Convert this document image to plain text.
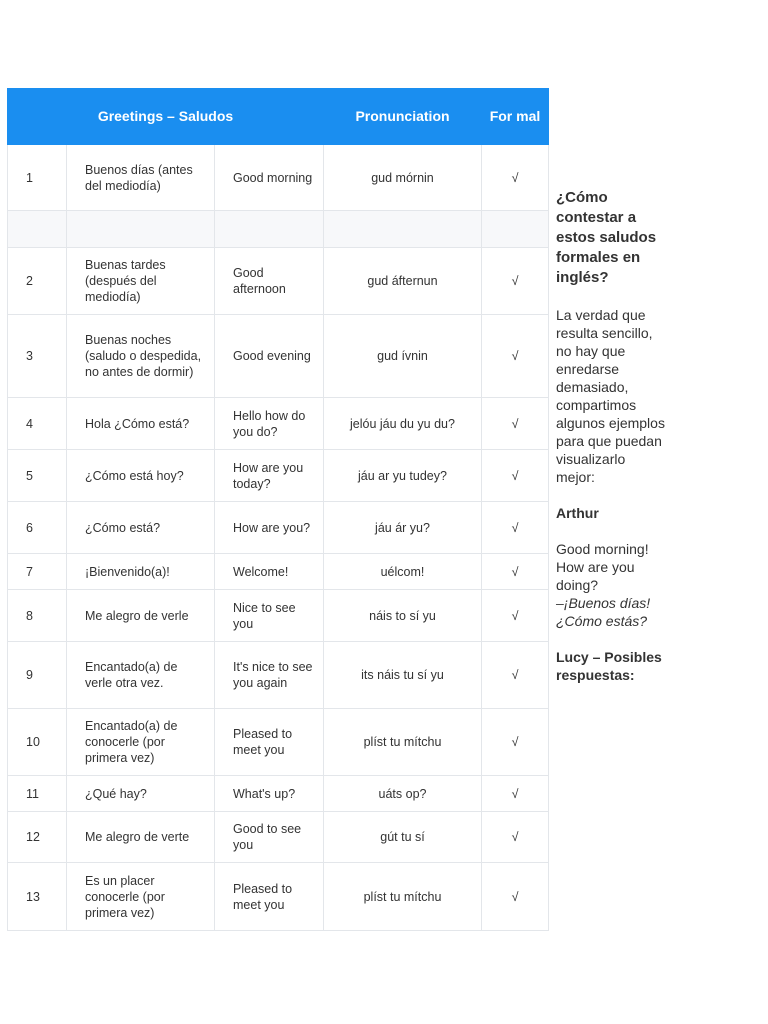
Greetings – Saludos			Pronunciation	For mal
1	Buenos días (antes del mediodía)	Good morning	gud mórnin	√

2	Buenas tardes (después del mediodía)	Good afternoon	gud áfternun	√
3	Buenas noches (saludo o despedida, no antes de dormir)	Good evening	gud ívnin	√
4	Hola ¿Cómo está?	Hello how do you do?	jelóu jáu du yu du?	√
5	¿Cómo está hoy?	How are you today?	jáu ar yu tudey?	√
6	¿Cómo está?	How are you?	jáu ár yu?	√
7	¡Bienvenido(a)!	Welcome!	uélcom!	√
8	Me alegro de verle	Nice to see you	náis to sí yu	√
9	Encantado(a) de verle otra vez.	It's nice to see you again	its náis tu sí yu	√
10	Encantado(a) de conocerle (por primera vez)	Pleased to meet you	plíst tu mítchu	√
11	¿Qué hay?	What's up?	uáts op?	√
12	Me alegro de verte	Good to see you	gút tu sí	√
13	Es un placer conocerle (por primera vez)	Pleased to meet you	plíst tu mítchu	√
¿Cómo contestar a estos saludos formales en inglés?

La verdad que resulta sencillo, no hay que enredarse demasiado, compartimos algunos ejemplos para que puedan visualizarlo mejor:

Arthur

Good morning! How are you doing?
–¡Buenos días!
¿Cómo estás?

Lucy – Posibles respuestas:
